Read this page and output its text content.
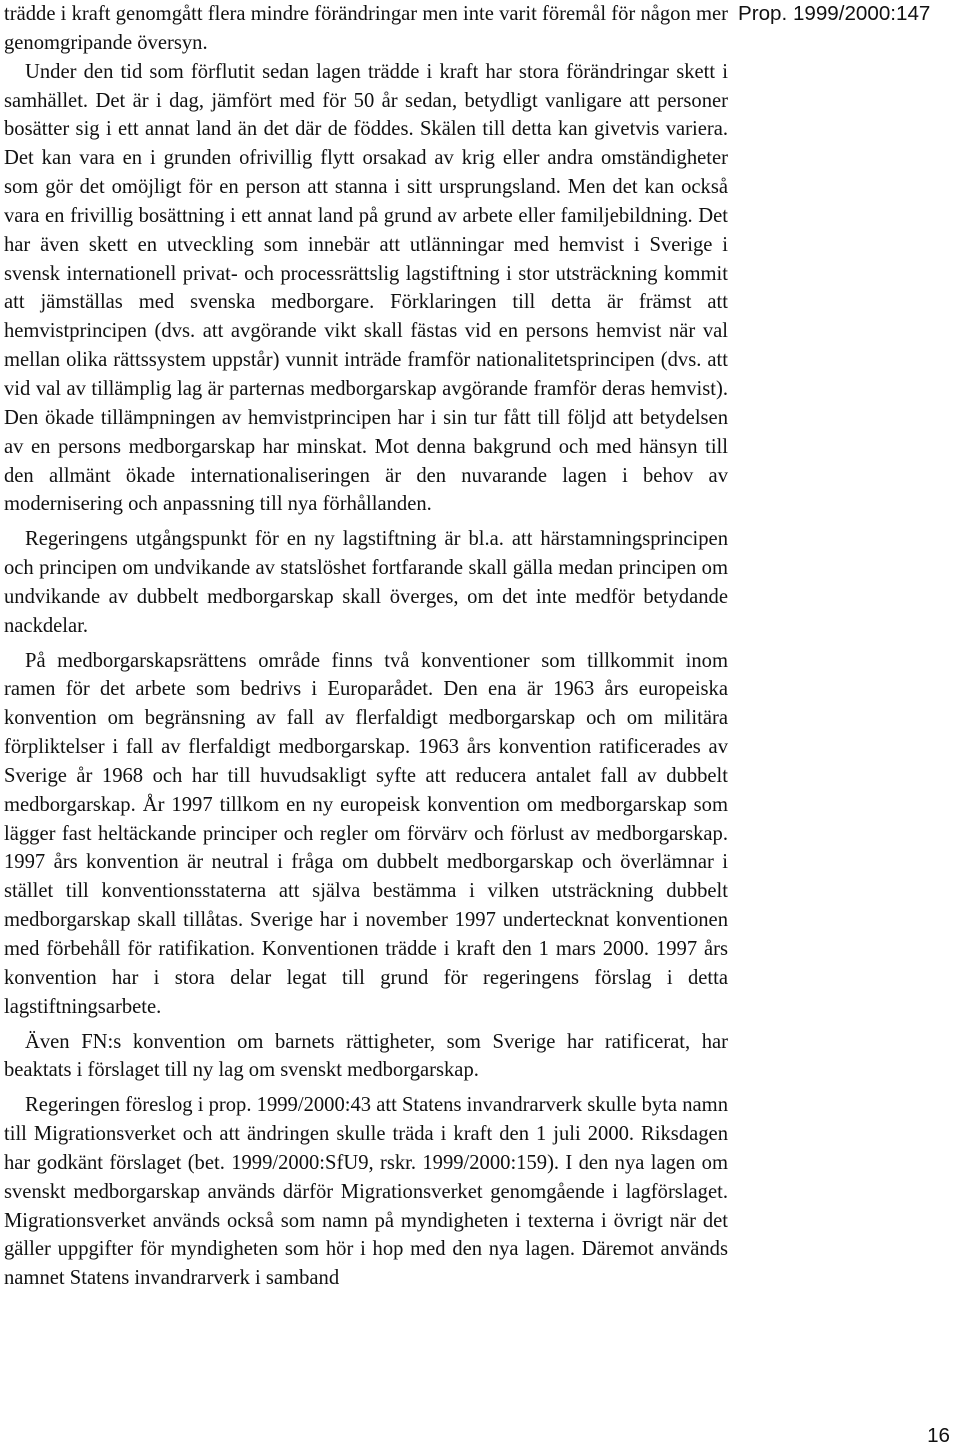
trädde i kraft genomgått flera mindre förändringar men inte varit föremål för någon mer genomgripande översyn.

Under den tid som förflutit sedan lagen trädde i kraft har stora förändringar skett i samhället. Det är i dag, jämfört med för 50 år sedan, betydligt vanligare att personer bosätter sig i ett annat land än det där de föddes. Skälen till detta kan givetvis variera. Det kan vara en i grunden ofrivillig flytt orsakad av krig eller andra omständigheter som gör det omöjligt för en person att stanna i sitt ursprungsland. Men det kan också vara en frivillig bosättning i ett annat land på grund av arbete eller familjebildning. Det har även skett en utveckling som innebär att utlänningar med hemvist i Sverige i svensk internationell privat- och processrättslig lagstiftning i stor utsträckning kommit att jämställas med svenska medborgare. Förklaringen till detta är främst att hemvistprincipen (dvs. att avgörande vikt skall fästas vid en persons hemvist när val mellan olika rättssystem uppstår) vunnit inträde framför nationalitetsprincipen (dvs. att vid val av tillämplig lag är parternas medborgarskap avgörande framför deras hemvist). Den ökade tillämpningen av hemvistprincipen har i sin tur fått till följd att betydelsen av en persons medborgarskap har minskat. Mot denna bakgrund och med hänsyn till den allmänt ökade internationaliseringen är den nuvarande lagen i behov av modernisering och anpassning till nya förhållanden.

Regeringens utgångspunkt för en ny lagstiftning är bl.a. att härstamningsprincipen och principen om undvikande av statslöshet fortfarande skall gälla medan principen om undvikande av dubbelt medborgarskap skall överges, om det inte medför betydande nackdelar.

På medborgarskapsrättens område finns två konventioner som tillkommit inom ramen för det arbete som bedrivs i Europarådet. Den ena är 1963 års europeiska konvention om begränsning av fall av flerfaldigt medborgarskap och om militära förpliktelser i fall av flerfaldigt medborgarskap. 1963 års konvention ratificerades av Sverige år 1968 och har till huvudsakligt syfte att reducera antalet fall av dubbelt medborgarskap. År 1997 tillkom en ny europeisk konvention om medborgarskap som lägger fast heltäckande principer och regler om förvärv och förlust av medborgarskap. 1997 års konvention är neutral i fråga om dubbelt medborgarskap och överlämnar i stället till konventionsstaterna att själva bestämma i vilken utsträckning dubbelt medborgarskap skall tillåtas. Sverige har i november 1997 undertecknat konventionen med förbehåll för ratifikation. Konventionen trädde i kraft den 1 mars 2000. 1997 års konvention har i stora delar legat till grund för regeringens förslag i detta lagstiftningsarbete.

Även FN:s konvention om barnets rättigheter, som Sverige har ratificerat, har beaktats i förslaget till ny lag om svenskt medborgarskap.

Regeringen föreslog i prop. 1999/2000:43 att Statens invandrarverk skulle byta namn till Migrationsverket och att ändringen skulle träda i kraft den 1 juli 2000. Riksdagen har godkänt förslaget (bet. 1999/2000:SfU9, rskr. 1999/2000:159). I den nya lagen om svenskt medborgarskap används därför Migrationsverket genomgående i lagförslaget. Migrationsverket används också som namn på myndigheten i texterna i övrigt när det gäller uppgifter för myndigheten som hör i hop med den nya lagen. Däremot används namnet Statens invandrarverk i samband

Prop. 1999/2000:147
16
